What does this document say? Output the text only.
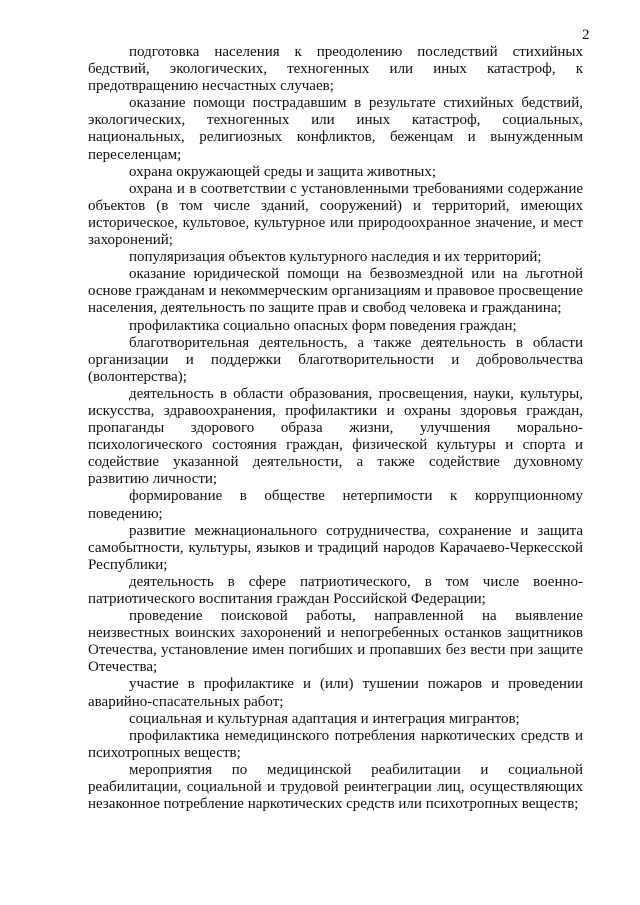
2

подготовка населения к преодолению последствий стихийных бедствий, экологических, техногенных или иных катастроф, к предотвращению несчастных случаев;

оказание помощи пострадавшим в результате стихийных бедствий, экологических, техногенных или иных катастроф, социальных, национальных, религиозных конфликтов, беженцам и вынужденным переселенцам;

охрана окружающей среды и защита животных;

охрана и в соответствии с установленными требованиями содержание объектов (в том числе зданий, сооружений) и территорий, имеющих историческое, культовое, культурное или природоохранное значение, и мест захоронений;

популяризация объектов культурного наследия и их территорий;

оказание юридической помощи на безвозмездной или на льготной основе гражданам и некоммерческим организациям и правовое просвещение населения, деятельность по защите прав и свобод человека и гражданина;

профилактика социально опасных форм поведения граждан;

благотворительная деятельность, а также деятельность в области организации и поддержки благотворительности и добровольчества (волонтерства);

деятельность в области образования, просвещения, науки, культуры, искусства, здравоохранения, профилактики и охраны здоровья граждан, пропаганды здорового образа жизни, улучшения морально-психологического состояния граждан, физической культуры и спорта и содействие указанной деятельности, а также содействие духовному развитию личности;

формирование в обществе нетерпимости к коррупционному поведению;

развитие межнационального сотрудничества, сохранение и защита самобытности, культуры, языков и традиций народов Карачаево-Черкесской Республики;

деятельность в сфере патриотического, в том числе военно-патриотического воспитания граждан Российской Федерации;

проведение поисковой работы, направленной на выявление неизвестных воинских захоронений и непогребенных останков защитников Отечества, установление имен погибших и пропавших без вести при защите Отечества;

участие в профилактике и (или) тушении пожаров и проведении аварийно-спасательных работ;

социальная и культурная адаптация и интеграция мигрантов;

профилактика немедицинского потребления наркотических средств и психотропных веществ;

мероприятия по медицинской реабилитации и социальной реабилитации, социальной и трудовой реинтеграции лиц, осуществляющих незаконное потребление наркотических средств или психотропных веществ;
